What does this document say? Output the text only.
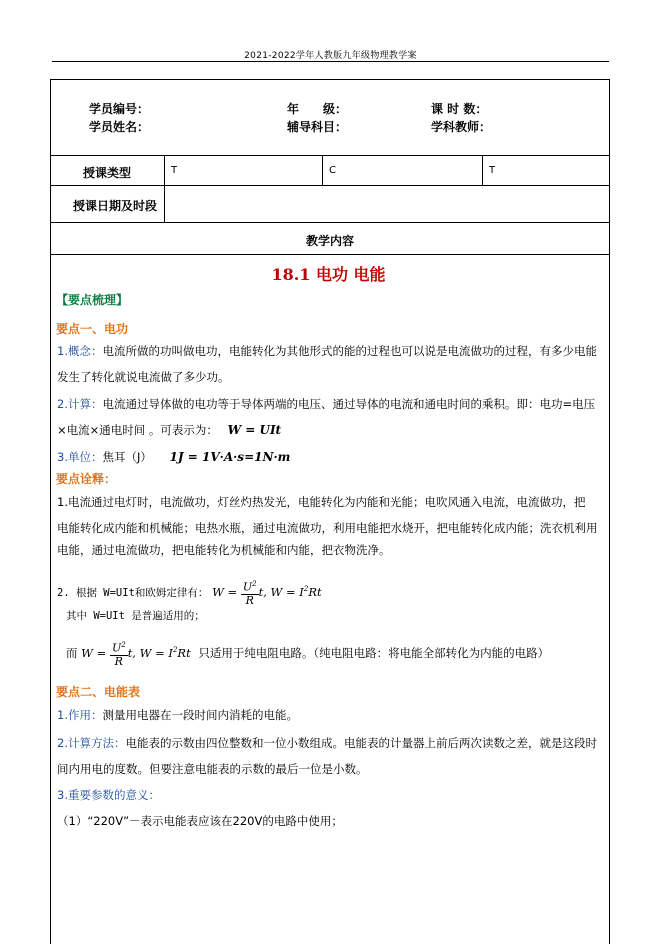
2021-2022学年人教版九年级物理教学案
学员编号：	年　　级：	课 时 数：
学员姓名：	辅导科目：	学科教师：
授课类型	T	C	T
授课日期及时段
教学内容
18.1 电功 电能
【要点梳理】
要点一、电功
1.概念：电流所做的功叫做电功，电能转化为其他形式的能的过程也可以说是电流做功的过程，有多少电能
发生了转化就说电流做了多少功。
2.计算：电流通过导体做的电功等于导体两端的电压、通过导体的电流和通电时间的乘积。即：电功=电压
×电流×通电时间 。可表示为： W = UIt
3.单位：焦耳（J） 1J = 1V·A·s=1N·m
要点诠释：
1.电流通过电灯时，电流做功，灯丝灼热发光，电能转化为内能和光能；电吹风通入电流，电流做功，把
电能转化成内能和机械能；电热水瓶，通过电流做功，利用电能把水烧开，把电能转化成内能；洗衣机利用
电能，通过电流做功，把电能转化为机械能和内能，把衣物洗净。
2. 根据 W=UIt和欧姆定律有： $W = \frac{U^2}{R} t$, $W = I^2Rt$
其中 W=UIt 是普遍适用的；
而 $W = \frac{U^2}{R} t$, $W = I^2Rt$ 只适用于纯电阻电路。（纯电阻电路：将电能全部转化为内能的电路）
要点二、电能表
1.作用：测量用电器在一段时间内消耗的电能。
2.计算方法：电能表的示数由四位整数和一位小数组成。电能表的计量器上前后两次读数之差，就是这段时
间内用电的度数。但要注意电能表的示数的最后一位是小数。
3.重要参数的意义：
（1）“220V”－表示电能表应该在220V的电路中使用；
